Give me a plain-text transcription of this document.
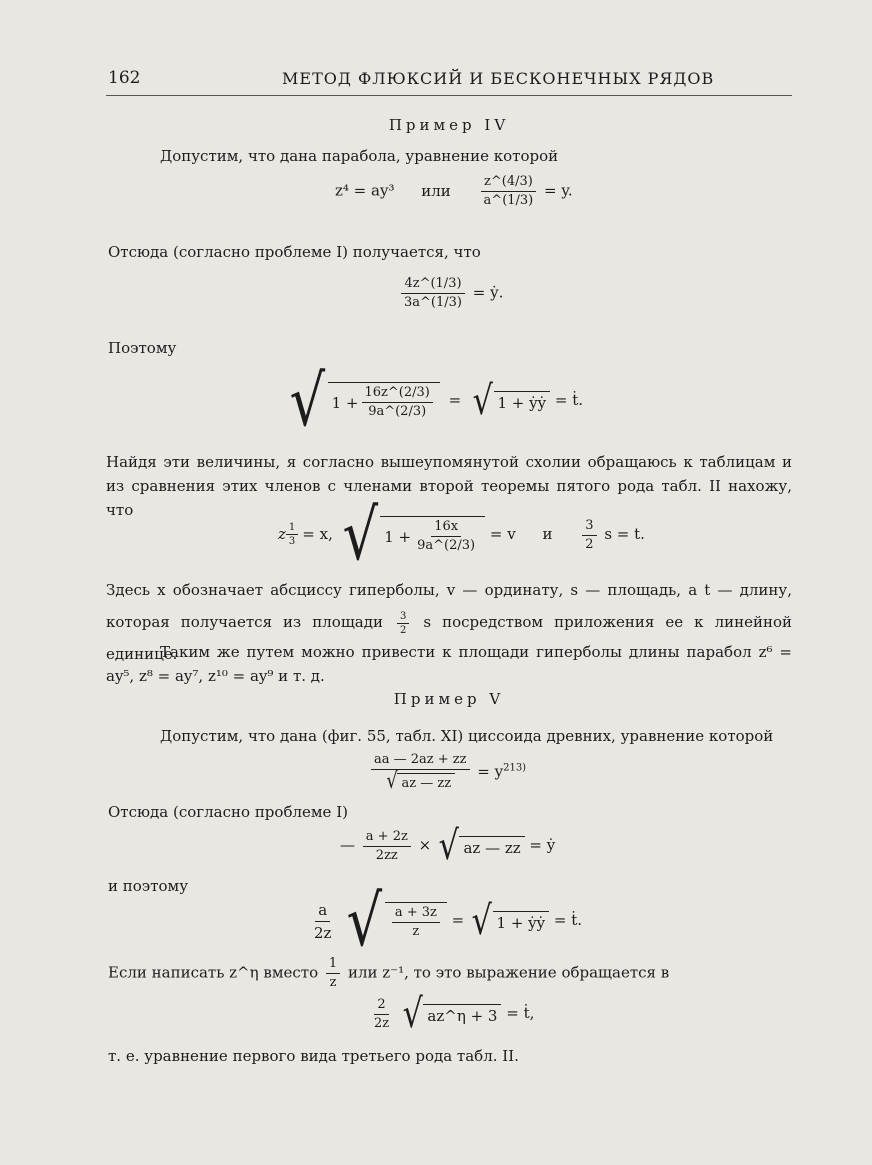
162	МЕТОД ФЛЮКСИЙ И БЕСКОНЕЧНЫХ РЯДОВ
Пример IV
Допустим, что дана парабола, уравнение которой
z⁴ = ay³ или $\frac{z\^{}(4/3)}{a\^{}(1/3)} = y$.
Отсюда (согласно проблеме I) получается, что
$\frac{4z\^{}(1/3)}{3a\^{}(1/3)}$ = ẏ.
Поэтому
√ $1 + \frac{16z\^{}(2/3)}{9a\^{}(2/3)}$ = √ 1 + ẏẏ = ṫ.
Найдя эти величины, я согласно вышеупомянутой схолии обращаюсь к таблицам и из сравнения этих членов с членами второй теоремы пятого рода табл. II нахожу, что
z $\frac{1}{3} = x$,
√ $1 + \frac{16x}{9a\^{}(2/3)} = v$ и $\frac{3}{2}$ s = t.
Здесь x обозначает абсциссу гиперболы, v — ординату, s — площадь, а t — длину, которая получается из площади $\frac{3}{2}$ s посредством приложения ее к линейной единице.
Таким же путем можно привести к площади гиперболы длины парабол z⁶ = ay⁵, z⁸ = ay⁷, z¹⁰ = ay⁹ и т. д.
Пример V
Допустим, что дана (фиг. 55, табл. XI) циссоида древних, уравнение которой
$\frac{aa — 2az + zz}{√ az — zz} = y^{213)}$
Отсюда (согласно проблеме I)
— $\frac{a + 2z}{2zz}$ × √ az — zz = ẏ
и поэтому
$\frac{a}{2z}$
√ $\frac{a + 3z}{z}$ = √ 1 + ẏẏ = ṫ.
Если написать z^η вместо $\frac{1}{z}$ или z⁻¹, то это выражение обращается в
$\frac{2}{2z}$
√ az^η + 3 = ṫ,
т. е. уравнение первого вида третьего рода табл. II.
